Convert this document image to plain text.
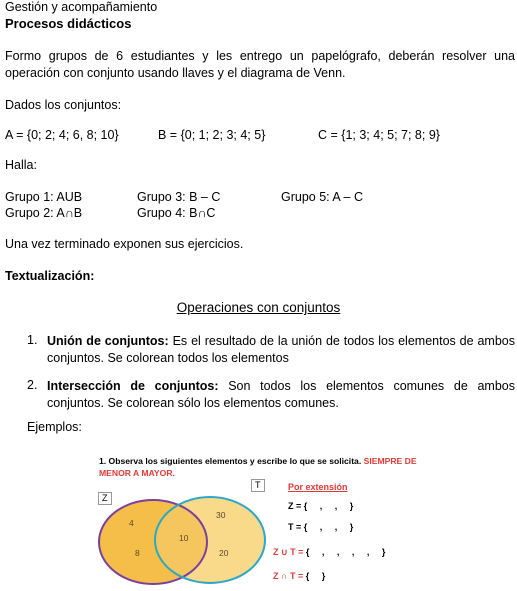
Gestión y acompañamiento
Procesos didácticos
Formo grupos de 6 estudiantes y les entrego un papelógrafo, deberán resolver una operación con conjunto usando llaves y el diagrama de Venn.
Dados los conjuntos:
A = {0; 2; 4; 6, 8; 10}	B = {0; 1; 2; 3; 4; 5}	C = {1; 3; 4; 5; 7; 8; 9}
Halla:
Grupo 1: AUB
Grupo 2: A∩B
Grupo 3: B – C
Grupo 4: B∩C
Grupo 5: A – C
Una vez terminado exponen sus ejercicios.
Textualización:
Operaciones con conjuntos
1. Unión de conjuntos: Es el resultado de la unión de todos los elementos de ambos conjuntos. Se colorean todos los elementos
2. Intersección de conjuntos: Son todos los elementos comunes de ambos conjuntos. Se colorean sólo los elementos comunes.
Ejemplos:
1. Observa los siguientes elementos y escribe lo que se solicita. SIEMPRE DE MENOR A MAYOR.
Z
T
4
8
10
30
20
Por extensión
Z = {     ,     ,     }
T = {     ,     ,     }
Z ∪ T = {     ,     ,     ,     ,     }
Z ∩ T = {     }
